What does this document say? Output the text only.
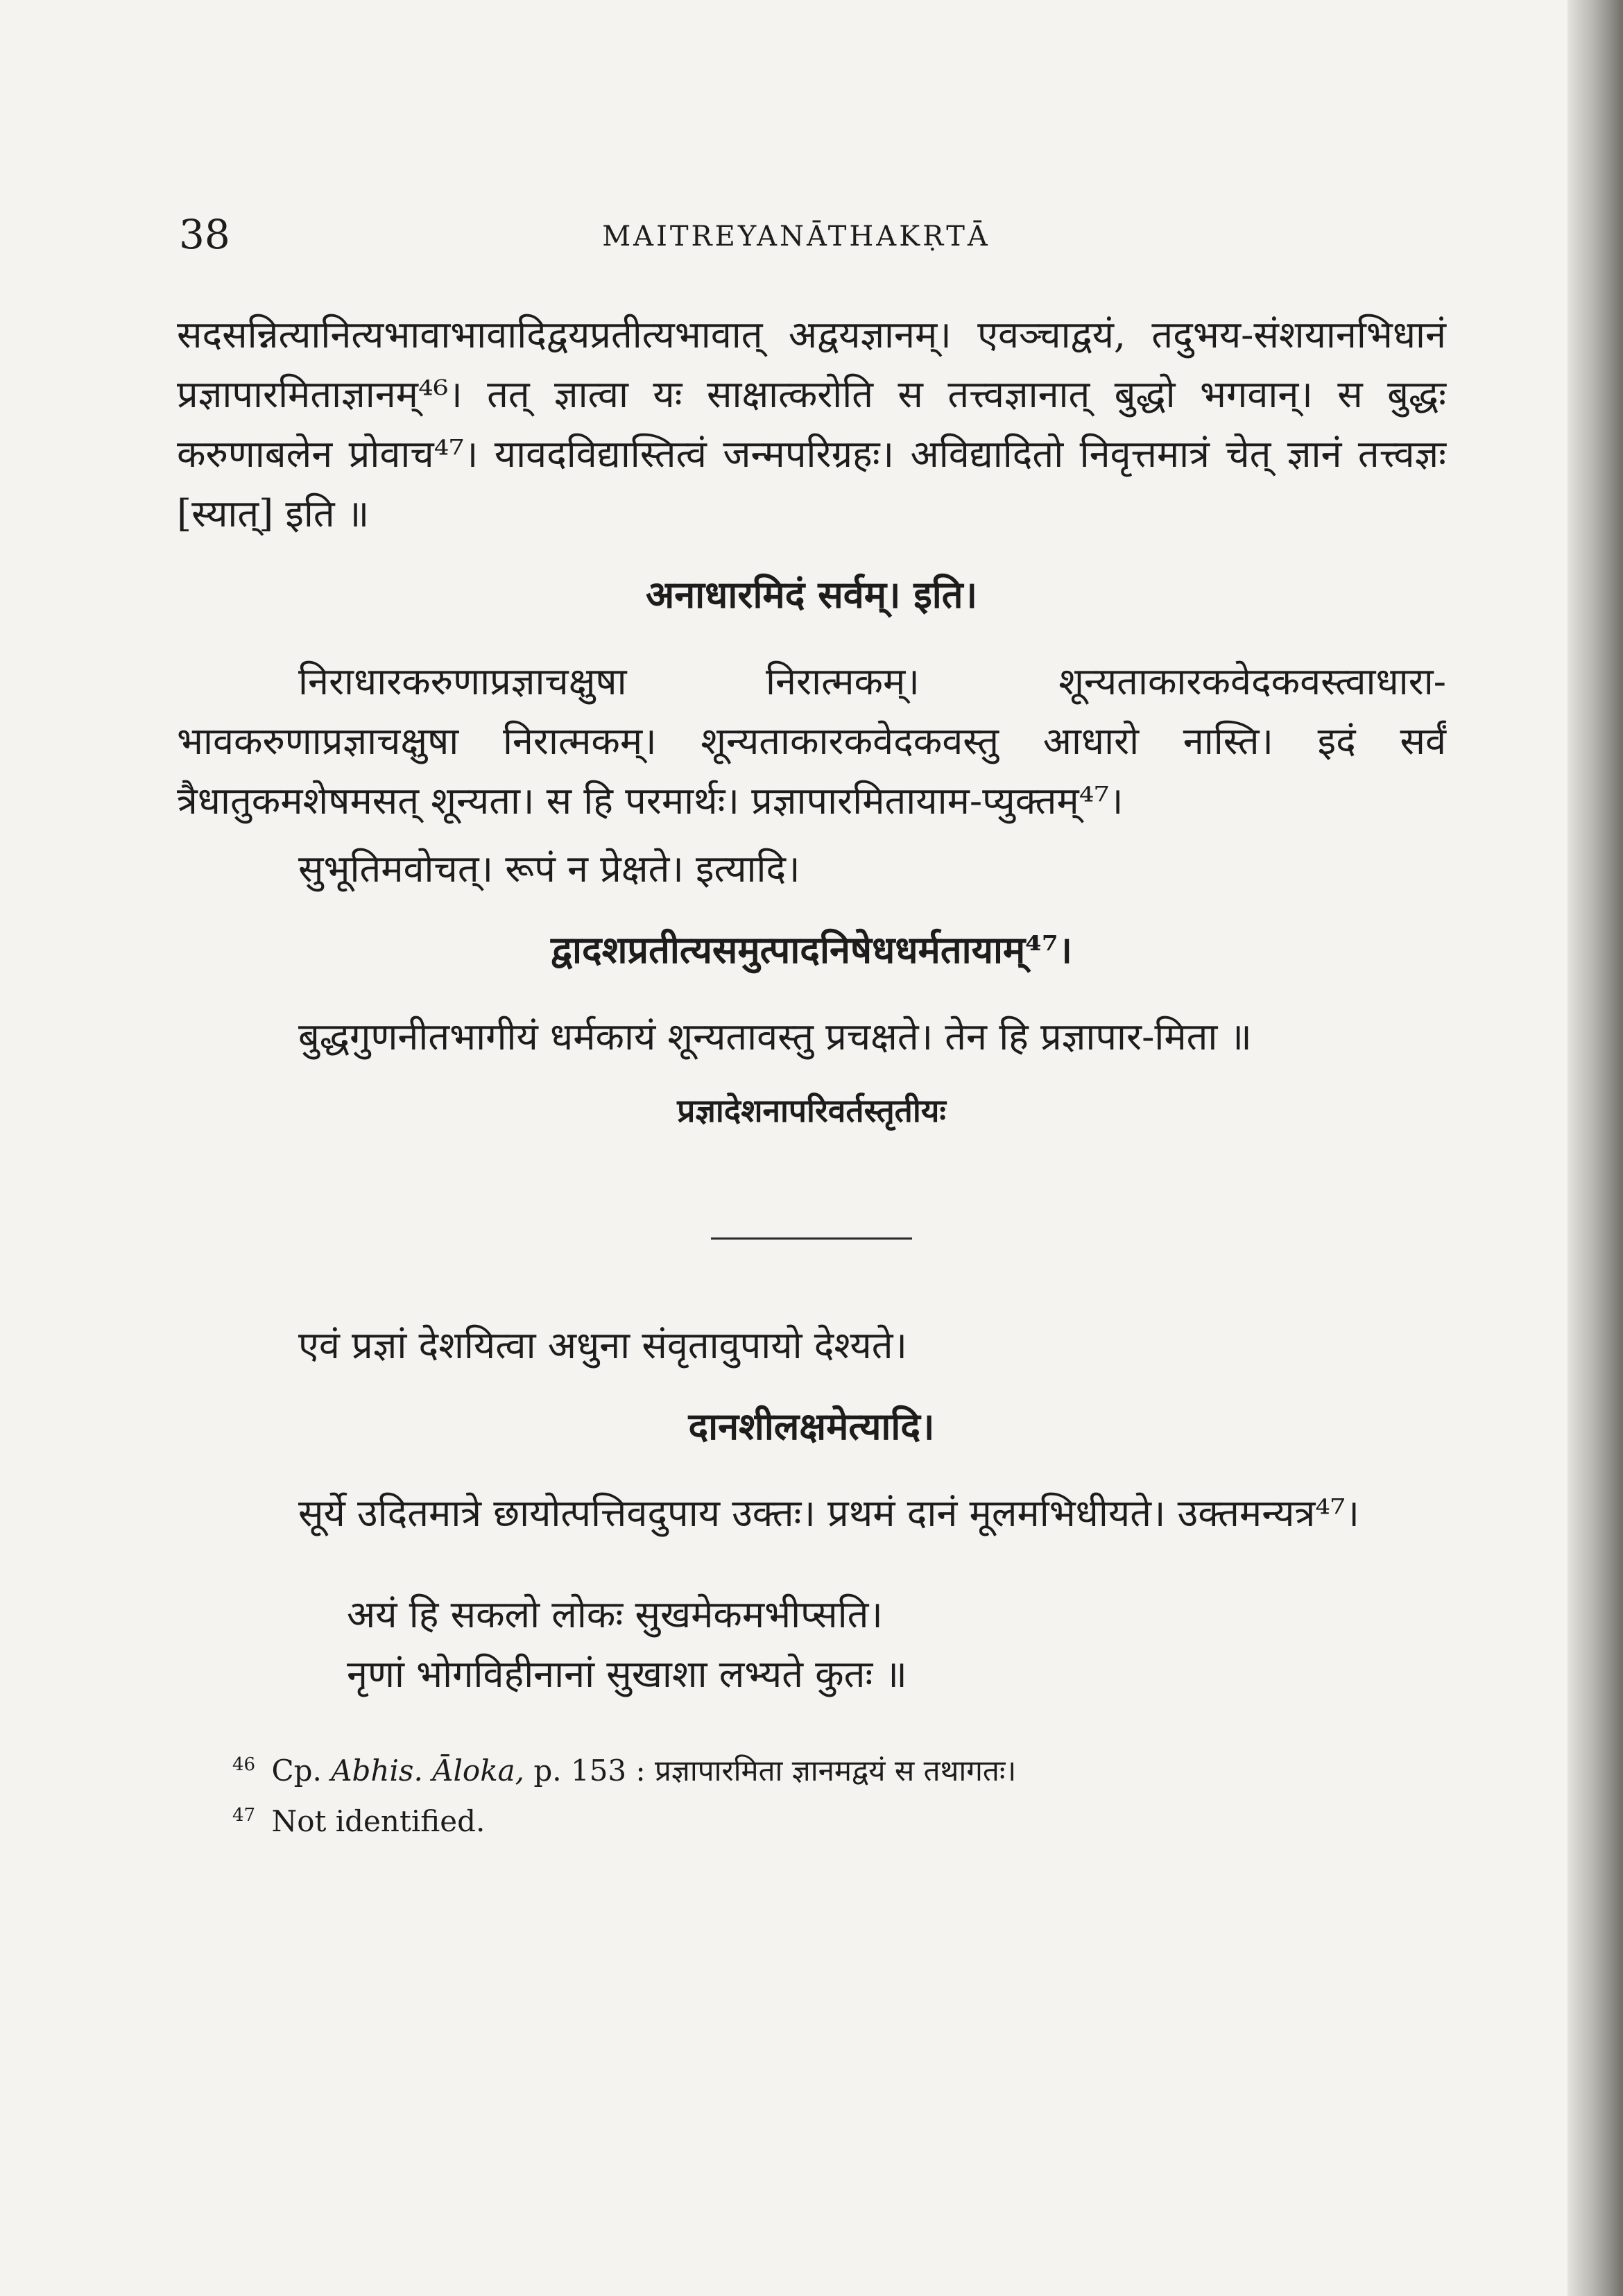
38	MAITREYANĀTHAKṚTĀ

सदसन्नित्यानित्यभावाभावादिद्वयप्रतीत्यभावात् अद्वयज्ञानम्। एवञ्चाद्वयं, तदुभय-संशयानभिधानं प्रज्ञापारमिताज्ञानम्⁴⁶। तत् ज्ञात्वा यः साक्षात्करोति स तत्त्वज्ञानात् बुद्धो भगवान्। स बुद्धः करुणाबलेन प्रोवाच⁴⁷। यावदविद्यास्तित्वं जन्मपरिग्रहः। अविद्यादितो निवृत्तमात्रं चेत् ज्ञानं तत्त्वज्ञः [स्यात्] इति ॥

अनाधारमिदं सर्वम्। इति।

निराधारकरुणाप्रज्ञाचक्षुषा निरात्मकम्। शून्यताकारकवेदकवस्त्वाधारा-भावकरुणाप्रज्ञाचक्षुषा निरात्मकम्। शून्यताकारकवेदकवस्तु आधारो नास्ति। इदं सर्वं त्रैधातुकमशेषमसत् शून्यता। स हि परमार्थः। प्रज्ञापारमितायाम-प्युक्तम्⁴⁷।

सुभूतिमवोचत्। रूपं न प्रेक्षते। इत्यादि।

द्वादशप्रतीत्यसमुत्पादनिषेधधर्मतायाम्⁴⁷।

बुद्धगुणनीतभागीयं धर्मकायं शून्यतावस्तु प्रचक्षते। तेन हि प्रज्ञापार-मिता ॥

प्रज्ञादेशनापरिवर्तस्तृतीयः

एवं प्रज्ञां देशयित्वा अधुना संवृतावुपायो देश्यते।

दानशीलक्षमेत्यादि।

सूर्ये उदितमात्रे छायोत्पत्तिवदुपाय उक्तः। प्रथमं दानं मूलमभिधीयते। उक्तमन्यत्र⁴⁷।

अयं हि सकलो लोकः सुखमेकमभीप्सति।

नृणां भोगविहीनानां सुखाशा लभ्यते कुतः ॥

$^{46}$ Cp. Abhis. Āloka, p. 153 : प्रज्ञापारमिता ज्ञानमद्वयं स तथागतः।

$^{47}$ Not identified.
